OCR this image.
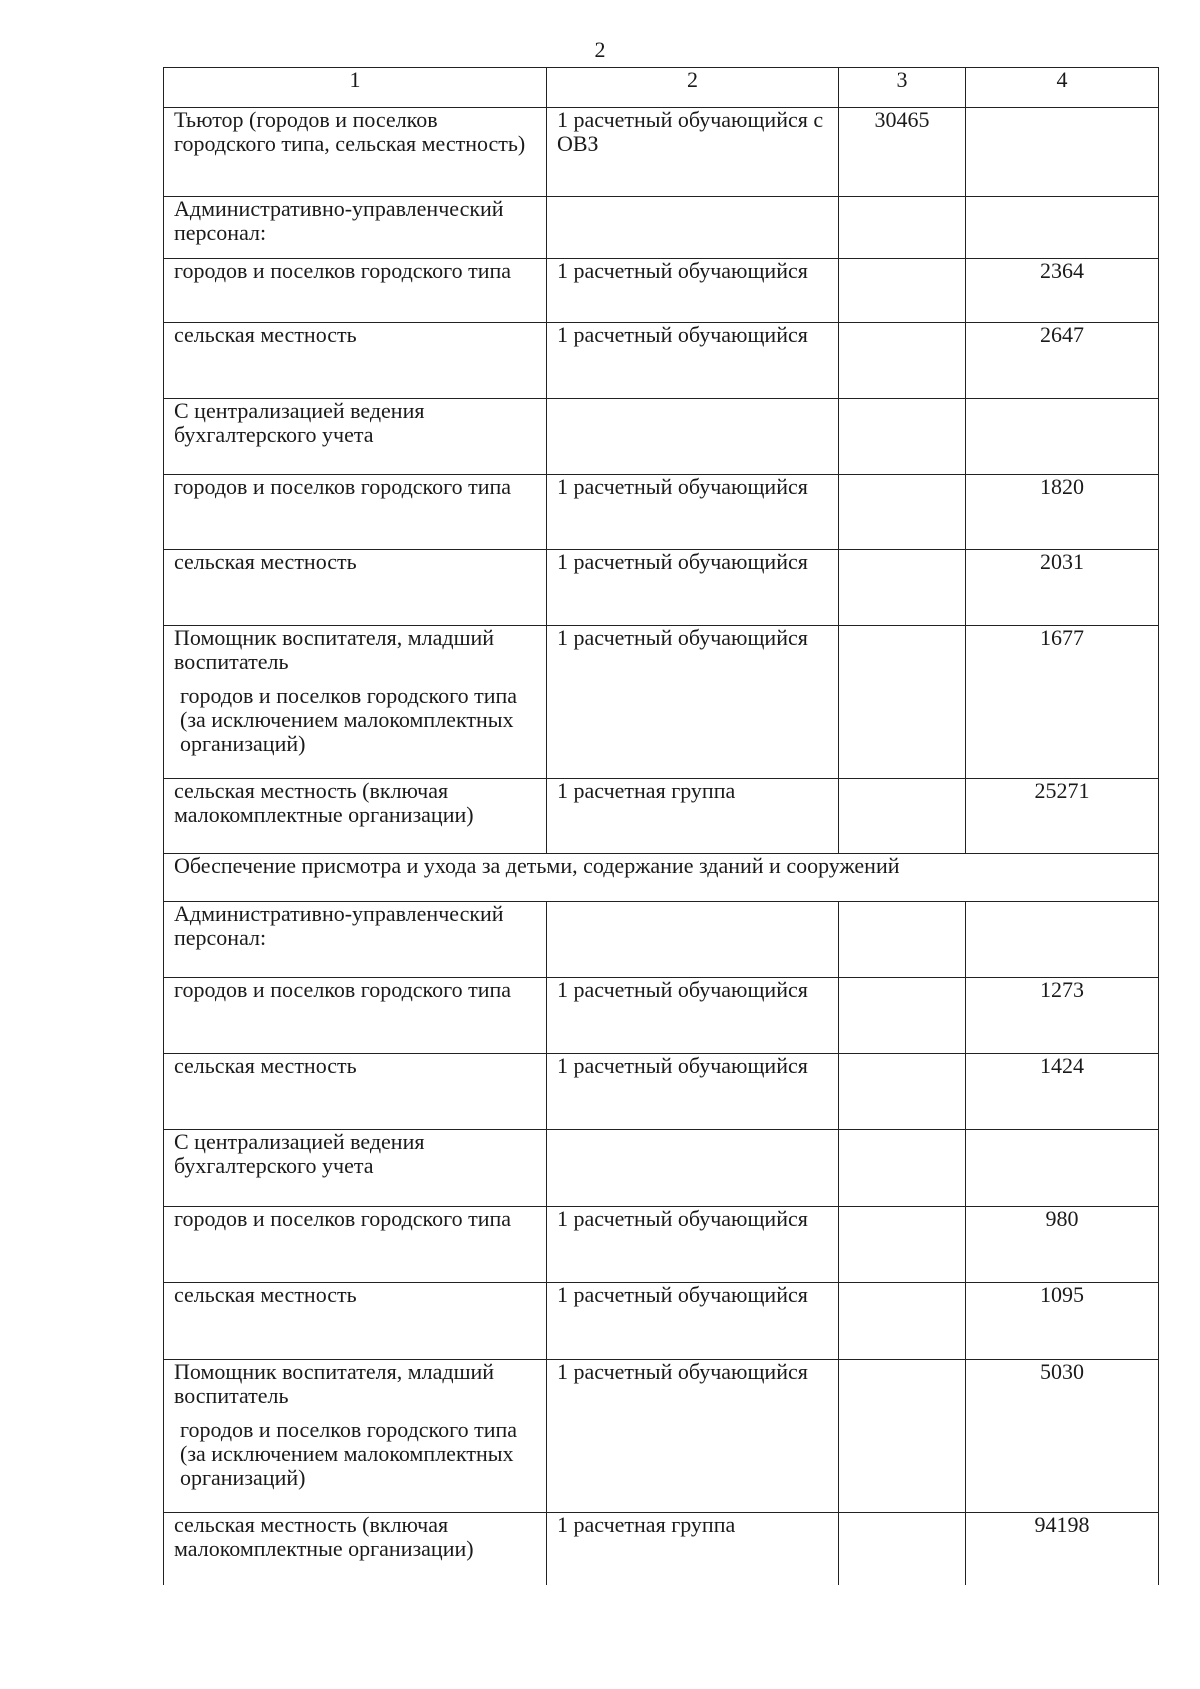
2
1	2	3	4
Тьютор (городов и поселков городского типа, сельская местность)	1 расчетный обучающийся с ОВЗ	30465	
Административно-управленческий персонал:			
городов и поселков городского типа	1 расчетный обучающийся		2364
сельская местность	1 расчетный обучающийся		2647
С централизацией ведения бухгалтерского учета			
городов и поселков городского типа	1 расчетный обучающийся		1820
сельская местность	1 расчетный обучающийся		2031

Помощник воспитателя, младший воспитатель
городов и поселков городского типа (за исключением малокомплектных организаций)	1 расчетный обучающийся		1677
сельская местность (включая малокомплектные организации)	1 расчетная группа		25271
Обеспечение присмотра и ухода за детьми, содержание зданий и сооружений			
Административно-управленческий персонал:			
городов и поселков городского типа	1 расчетный обучающийся		1273
сельская местность	1 расчетный обучающийся		1424
С централизацией ведения бухгалтерского учета			
городов и поселков городского типа	1 расчетный обучающийся		980
сельская местность	1 расчетный обучающийся		1095

Помощник воспитателя, младший воспитатель
городов и поселков городского типа (за исключением малокомплектных организаций)	1 расчетный обучающийся		5030
сельская местность (включая малокомплектные организации)	1 расчетная группа		94198
